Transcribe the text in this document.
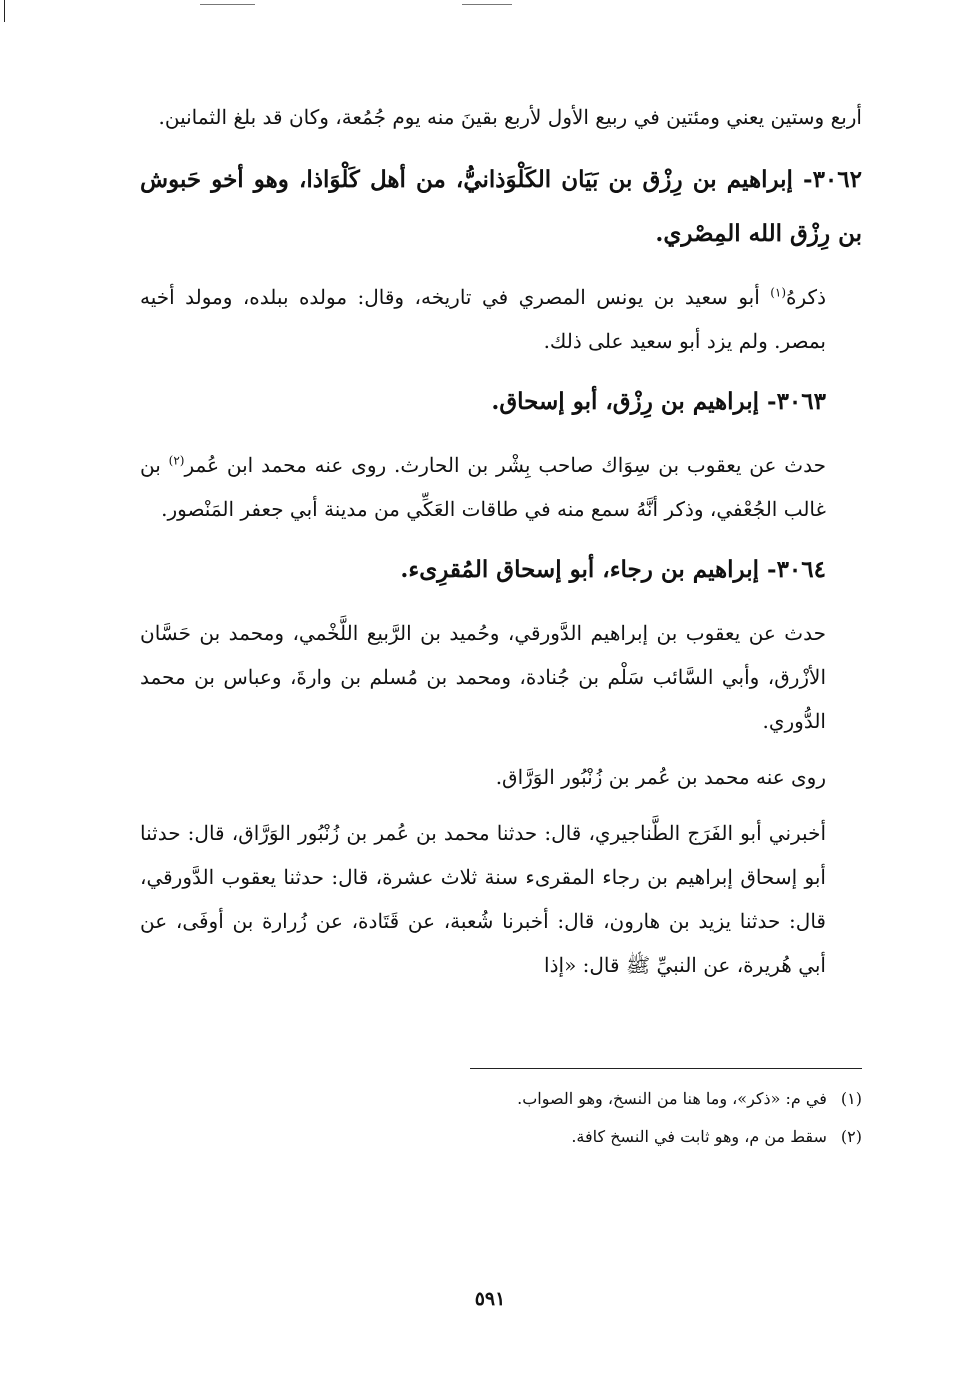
أربع وستين يعني ومئتين في ربيع الأول لأربع بقينَ منه يوم جُمُعة، وكان قد بلغ الثمانين.

٣٠٦٢- إبراهيم بن رِزْق بن بَيَان الكَلْوَذانيُّ، من أهل كَلْوَاذا، وهو أخو حَبوش بن رِزْق الله المِصْري.

ذكرهُ$^{(١)}$ أبو سعيد بن يونس المصري في تاريخه، وقال: مولده ببلده، ومولد أخيه بمصر. ولم يزد أبو سعيد على ذلك.

٣٠٦٣- إبراهيم بن رِزْق، أبو إسحاق.

حدث عن يعقوب بن سِوَاك صاحب بِشْر بن الحارث. روى عنه محمد ابن عُمر$^{(٢)}$ بن غالب الجُعْفي، وذكر أنَّهُ سمع منه في طاقات العَكِّي من مدينة أبي جعفر المَنْصور.

٣٠٦٤- إبراهيم بن رجاء، أبو إسحاق المُقرِىء.

حدث عن يعقوب بن إبراهيم الدَّورقي، وحُميد بن الرَّبيع اللَّخْمي، ومحمد بن حَسَّان الأزْرق، وأبي السَّائب سَلْم بن جُنادة، ومحمد بن مُسلم بن وارةَ، وعباس بن محمد الدُّوري.

روى عنه محمد بن عُمر بن زُنْبُور الوَرَّاق.

أخبرني أبو الفَرَج الطَّناجيري، قال: حدثنا محمد بن عُمر بن زُنْبُور الوَرَّاق، قال: حدثنا أبو إسحاق إبراهيم بن رجاء المقرىء سنة ثلاث عشرة، قال: حدثنا يعقوب الدَّورقي، قال: حدثنا يزيد بن هارون، قال: أخبرنا شُعبة، عن قَتَادة، عن زُرارة بن أوفَى، عن أبي هُريرة، عن النبيِّ ﷺ قال: «إذا

(١)في م: «ذكر»، وما هنا من النسخ، وهو الصواب.

(٢)سقط من م، وهو ثابت في النسخ كافة.

٥٩١
